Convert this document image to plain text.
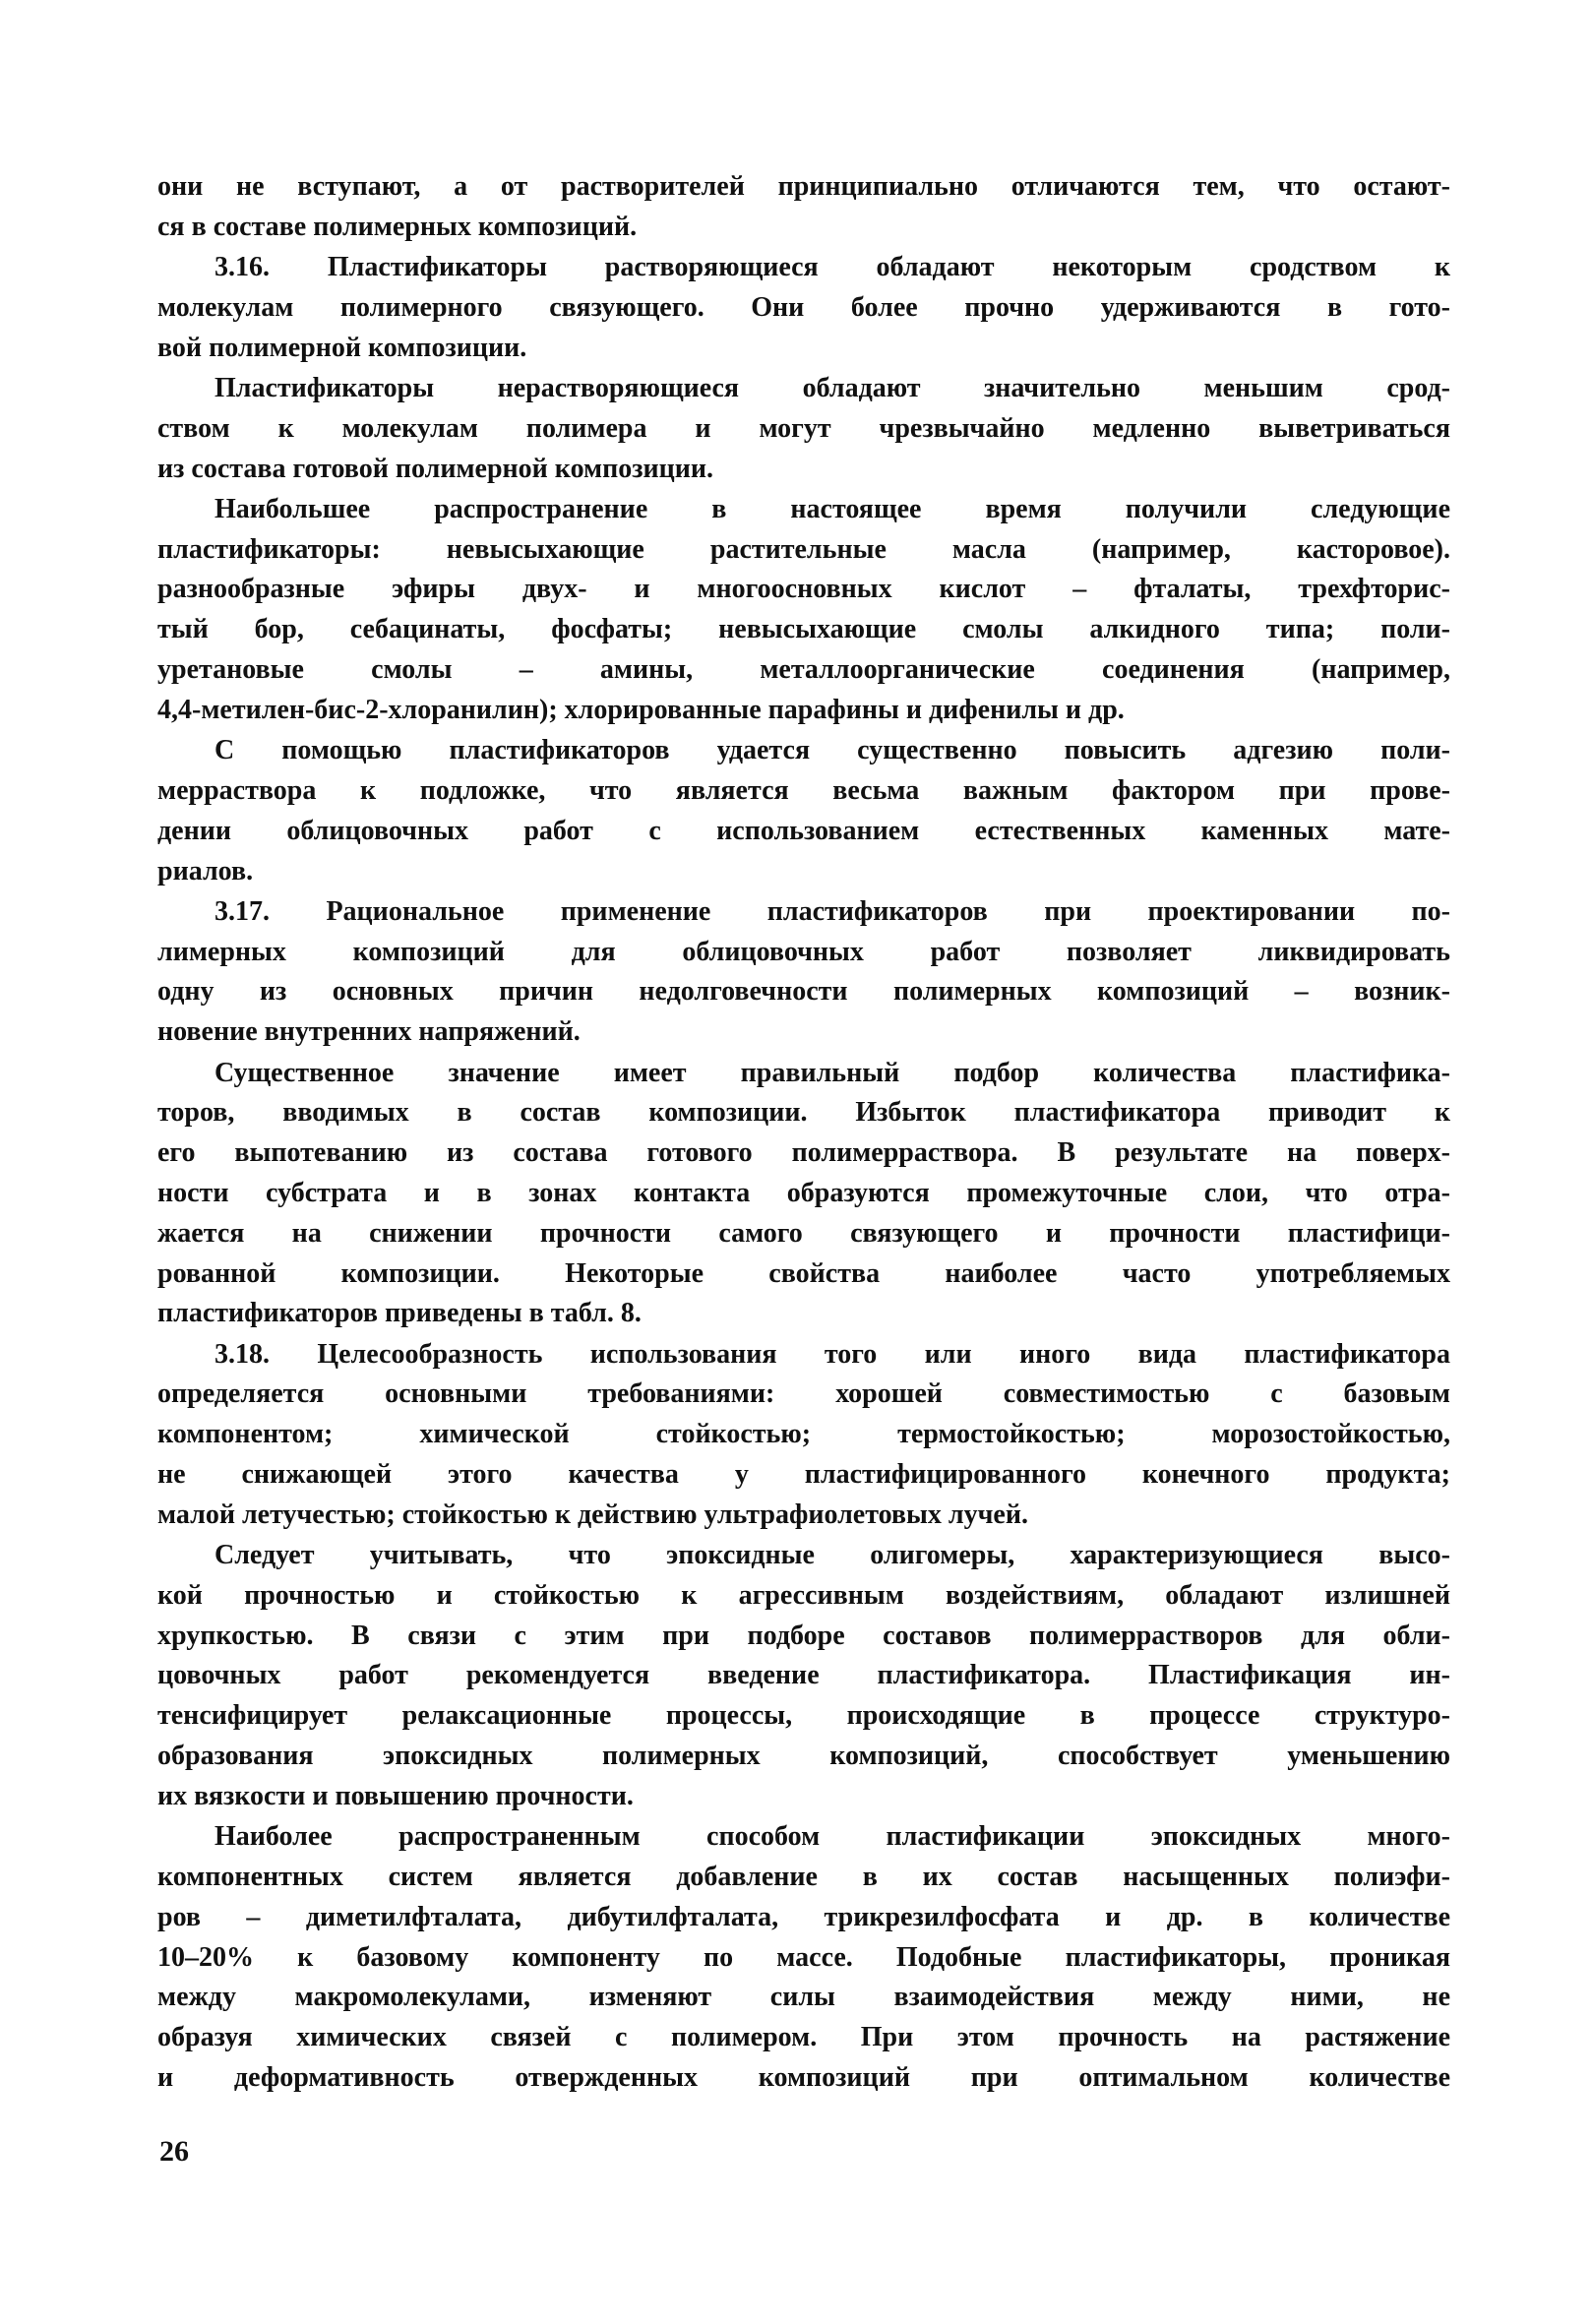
они не вступают, а от растворителей принципиально отличаются тем, что остают-
ся в составе полимерных композиций.
3.16. Пластификаторы растворяющиеся обладают некоторым сродством к
молекулам полимерного связующего. Они более прочно удерживаются в гото-
вой полимерной композиции.
Пластификаторы нерастворяющиеся обладают значительно меньшим срод-
ством к молекулам полимера и могут чрезвычайно медленно выветриваться
из состава готовой полимерной композиции.
Наибольшее распространение в настоящее время получили следующие
пластификаторы: невысыхающие растительные масла (например, касторовое).
разнообразные эфиры двух- и многоосновных кислот – фталаты, трехфторис-
тый бор, себацинаты, фосфаты; невысыхающие смолы алкидного типа; поли-
уретановые смолы – амины, металлоорганические соединения (например,
4,4-метилен-бис-2-хлоранилин); хлорированные парафины и дифенилы и др.
С помощью пластификаторов удается существенно повысить адгезию поли-
мерраствора к подложке, что является весьма важным фактором при прове-
дении облицовочных работ с использованием естественных каменных мате-
риалов.
3.17. Рациональное применение пластификаторов при проектировании по-
лимерных композиций для облицовочных работ позволяет ликвидировать
одну из основных причин недолговечности полимерных композиций – возник-
новение внутренних напряжений.
Существенное значение имеет правильный подбор количества пластифика-
торов, вводимых в состав композиции. Избыток пластификатора приводит к
его выпотеванию из состава готового полимерраствора. В результате на поверх-
ности субстрата и в зонах контакта образуются промежуточные слои, что отра-
жается на снижении прочности самого связующего и прочности пластифици-
рованной композиции. Некоторые свойства наиболее часто употребляемых
пластификаторов приведены в табл. 8.
3.18. Целесообразность использования того или иного вида пластификатора
определяется основными требованиями: хорошей совместимостью с базовым
компонентом; химической стойкостью; термостойкостью; морозостойкостью,
не снижающей этого качества у пластифицированного конечного продукта;
малой летучестью; стойкостью к действию ультрафиолетовых лучей.
Следует учитывать, что эпоксидные олигомеры, характеризующиеся высо-
кой прочностью и стойкостью к агрессивным воздействиям, обладают излишней
хрупкостью. В связи с этим при подборе составов полимеррастворов для обли-
цовочных работ рекомендуется введение пластификатора. Пластификация ин-
тенсифицирует релаксационные процессы, происходящие в процессе структуро-
образования эпоксидных полимерных композиций, способствует уменьшению
их вязкости и повышению прочности.
Наиболее распространенным способом пластификации эпоксидных много-
компонентных систем является добавление в их состав насыщенных полиэфи-
ров – диметилфталата, дибутилфталата, трикрезилфосфата и др. в количестве
10–20% к базовому компоненту по массе. Подобные пластификаторы, проникая
между макромолекулами, изменяют силы взаимодействия между ними, не
образуя химических связей с полимером. При этом прочность на растяжение
и деформативность отвержденных композиций при оптимальном количестве
26
